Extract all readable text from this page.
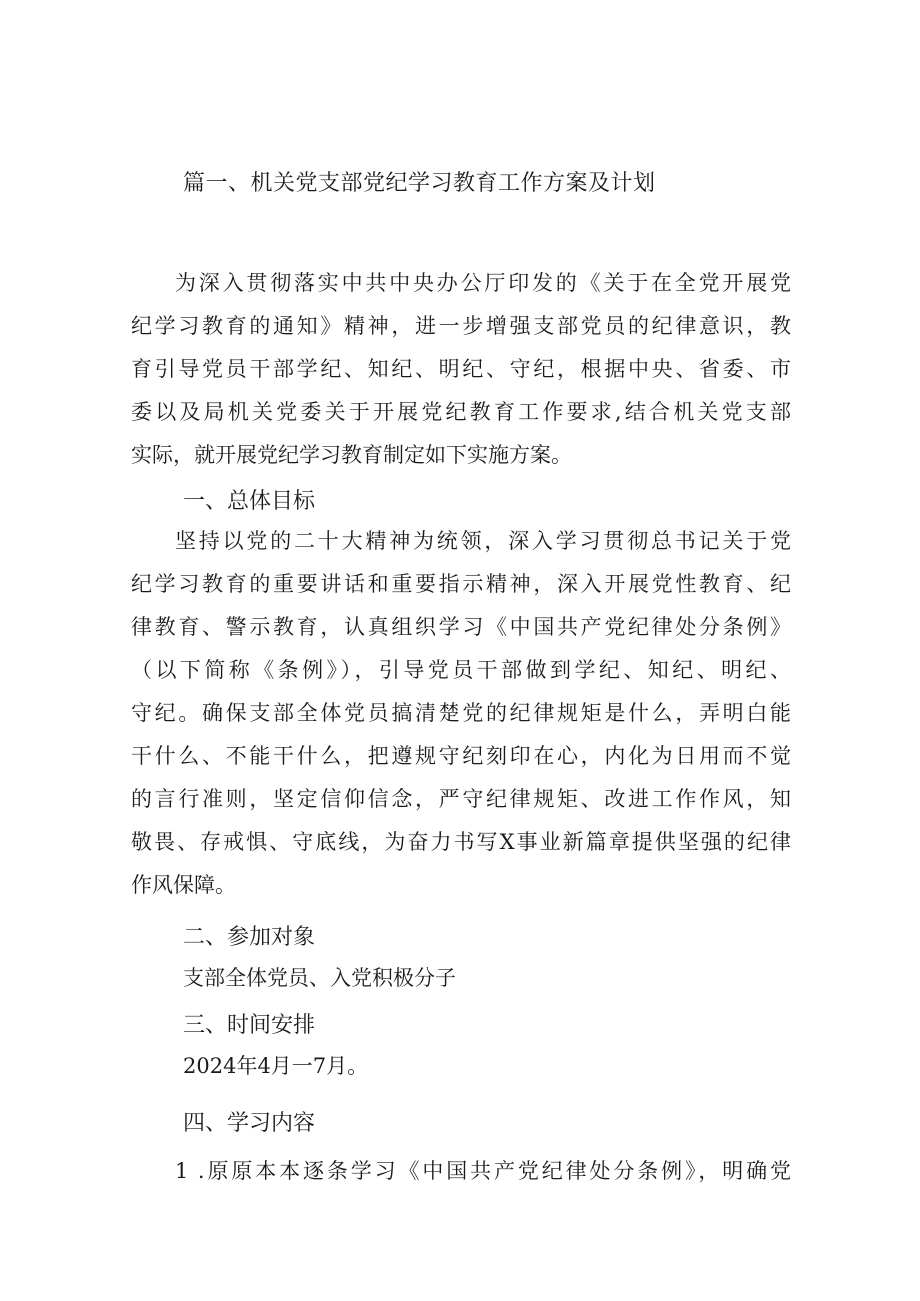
篇一、机关党支部党纪学习教育工作方案及计划
为深入贯彻落实中共中央办公厅印发的《关于在全党开展党
纪学习教育的通知》精神，进一步增强支部党员的纪律意识，教
育引导党员干部学纪、知纪、明纪、守纪，根据中央、省委、市
委以及局机关党委关于开展党纪教育工作要求,结合机关党支部
实际，就开展党纪学习教育制定如下实施方案。
一、总体目标
坚持以党的二十大精神为统领，深入学习贯彻总书记关于党
纪学习教育的重要讲话和重要指示精神，深入开展党性教育、纪
律教育、警示教育，认真组织学习《中国共产党纪律处分条例》
（以下简称《条例》），引导党员干部做到学纪、知纪、明纪、
守纪。确保支部全体党员搞清楚党的纪律规矩是什么，弄明白能
干什么、不能干什么，把遵规守纪刻印在心，内化为日用而不觉
的言行准则，坚定信仰信念，严守纪律规矩、改进工作作风，知
敬畏、存戒惧、守底线，为奋力书写X事业新篇章提供坚强的纪律
作风保障。
二、参加对象
支部全体党员、入党积极分子
三、时间安排
2024年4月一7月。
四、学习内容
1 .原原本本逐条学习《中国共产党纪律处分条例》，明确党
